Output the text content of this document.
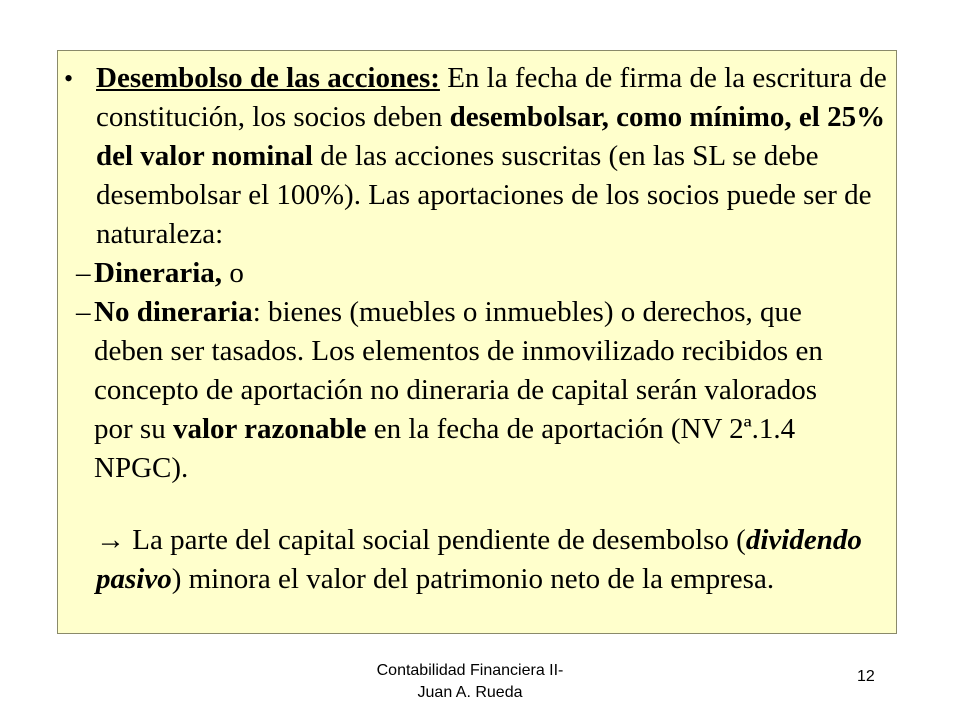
• Desembolso de las acciones: En la fecha de firma de la escritura de constitución, los socios deben desembolsar, como mínimo, el 25% del valor nominal de las acciones suscritas (en las SL se debe desembolsar el 100%). Las aportaciones de los socios puede ser de naturaleza:
– Dineraria, o
– No dineraria: bienes (muebles o inmuebles) o derechos, que deben ser tasados. Los elementos de inmovilizado recibidos en concepto de aportación no dineraria de capital serán valorados por su valor razonable en la fecha de aportación (NV 2ª.1.4 NPGC).
→ La parte del capital social pendiente de desembolso (dividendo pasivo) minora el valor del patrimonio neto de la empresa.
Contabilidad Financiera II-
Juan A. Rueda
12
